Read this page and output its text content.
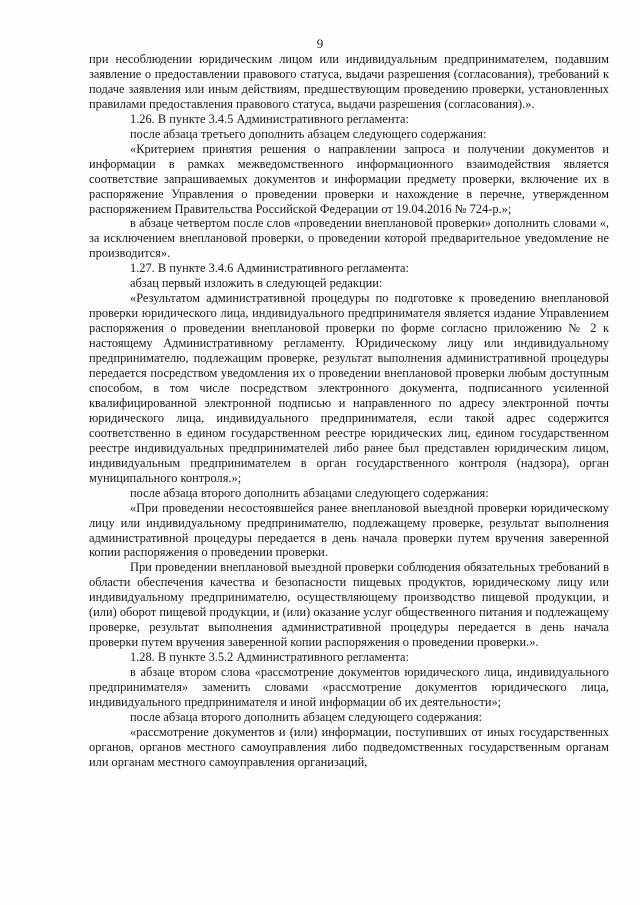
9

при несоблюдении юридическим лицом или индивидуальным предпринимателем, подавшим заявление о предоставлении правового статуса, выдачи разрешения (согласования), требований к подаче заявления или иным действиям, предшествующим проведению проверки, установленных правилами предоставления правового статуса, выдачи разрешения (согласования).».

1.26. В пункте 3.4.5 Административного регламента:

после абзаца третьего дополнить абзацем следующего содержания:

«Критерием принятия решения о направлении запроса и получении документов и информации в рамках межведомственного информационного взаимодействия является соответствие запрашиваемых документов и информации предмету проверки, включение их в распоряжение Управления о проведении проверки и нахождение в перечне, утвержденном распоряжением Правительства Российской Федерации от 19.04.2016 № 724-р.»;

в абзаце четвертом после слов «проведении внеплановой проверки» дополнить словами «, за исключением внеплановой проверки, о проведении которой предварительное уведомление не производится».

1.27. В пункте 3.4.6 Административного регламента:

абзац первый изложить в следующей редакции:

«Результатом административной процедуры по подготовке к проведению внеплановой проверки юридического лица, индивидуального предпринимателя является издание Управлением распоряжения о проведении внеплановой проверки по форме согласно приложению № 2 к настоящему Административному регламенту. Юридическому лицу или индивидуальному предпринимателю, подлежащим проверке, результат выполнения административной процедуры передается посредством уведомления их о проведении внеплановой проверки любым доступным способом, в том числе посредством электронного документа, подписанного усиленной квалифицированной электронной подписью и направленного по адресу электронной почты юридического лица, индивидуального предпринимателя, если такой адрес содержится соответственно в едином государственном реестре юридических лиц, едином государственном реестре индивидуальных предпринимателей либо ранее был представлен юридическим лицом, индивидуальным предпринимателем в орган государственного контроля (надзора), орган муниципального контроля.»;

после абзаца второго дополнить абзацами следующего содержания:

«При проведении несостоявшейся ранее внеплановой выездной проверки юридическому лицу или индивидуальному предпринимателю, подлежащему проверке, результат выполнения административной процедуры передается в день начала проверки путем вручения заверенной копии распоряжения о проведении проверки.

При проведении внеплановой выездной проверки соблюдения обязательных требований в области обеспечения качества и безопасности пищевых продуктов, юридическому лицу или индивидуальному предпринимателю, осуществляющему производство пищевой продукции, и (или) оборот пищевой продукции, и (или) оказание услуг общественного питания и подлежащему проверке, результат выполнения административной процедуры передается в день начала проверки путем вручения заверенной копии распоряжения о проведении проверки.».

1.28. В пункте 3.5.2 Административного регламента:

в абзаце втором слова «рассмотрение документов юридического лица, индивидуального предпринимателя» заменить словами «рассмотрение документов юридического лица, индивидуального предпринимателя и иной информации об их деятельности»;

после абзаца второго дополнить абзацем следующего содержания:

«рассмотрение документов и (или) информации, поступивших от иных государственных органов, органов местного самоуправления либо подведомственных государственным органам или органам местного самоуправления организаций,
